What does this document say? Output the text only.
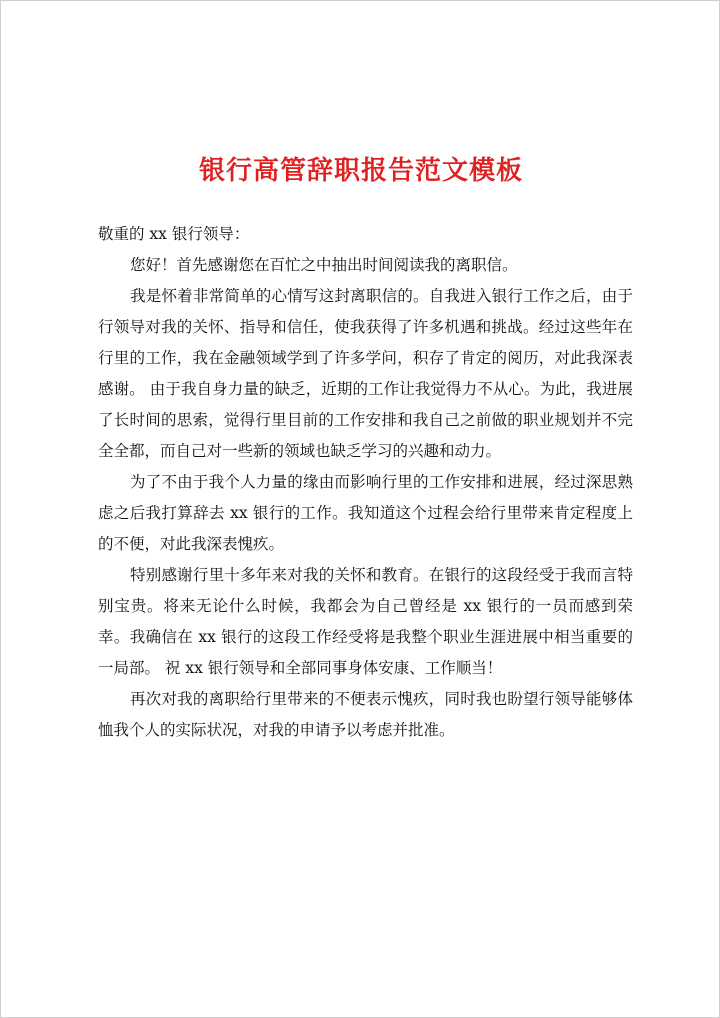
银行高管辞职报告范文模板

敬重的 xx 银行领导：

您好！首先感谢您在百忙之中抽出时间阅读我的离职信。

我是怀着非常简单的心情写这封离职信的。自我进入银行工作之后，由于行领导对我的关怀、指导和信任，使我获得了许多机遇和挑战。经过这些年在行里的工作，我在金融领域学到了许多学问，积存了肯定的阅历，对此我深表感谢。 由于我自身力量的缺乏，近期的工作让我觉得力不从心。为此，我进展了长时间的思索，觉得行里目前的工作安排和我自己之前做的职业规划并不完全全都，而自己对一些新的领域也缺乏学习的兴趣和动力。

为了不由于我个人力量的缘由而影响行里的工作安排和进展，经过深思熟虑之后我打算辞去 xx 银行的工作。我知道这个过程会给行里带来肯定程度上的不便，对此我深表愧疚。

特别感谢行里十多年来对我的关怀和教育。在银行的这段经受于我而言特别宝贵。将来无论什么时候，我都会为自己曾经是 xx 银行的一员而感到荣幸。我确信在 xx 银行的这段工作经受将是我整个职业生涯进展中相当重要的一局部。 祝 xx 银行领导和全部同事身体安康、工作顺当！

再次对我的离职给行里带来的不便表示愧疚，同时我也盼望行领导能够体恤我个人的实际状况，对我的申请予以考虑并批准。
